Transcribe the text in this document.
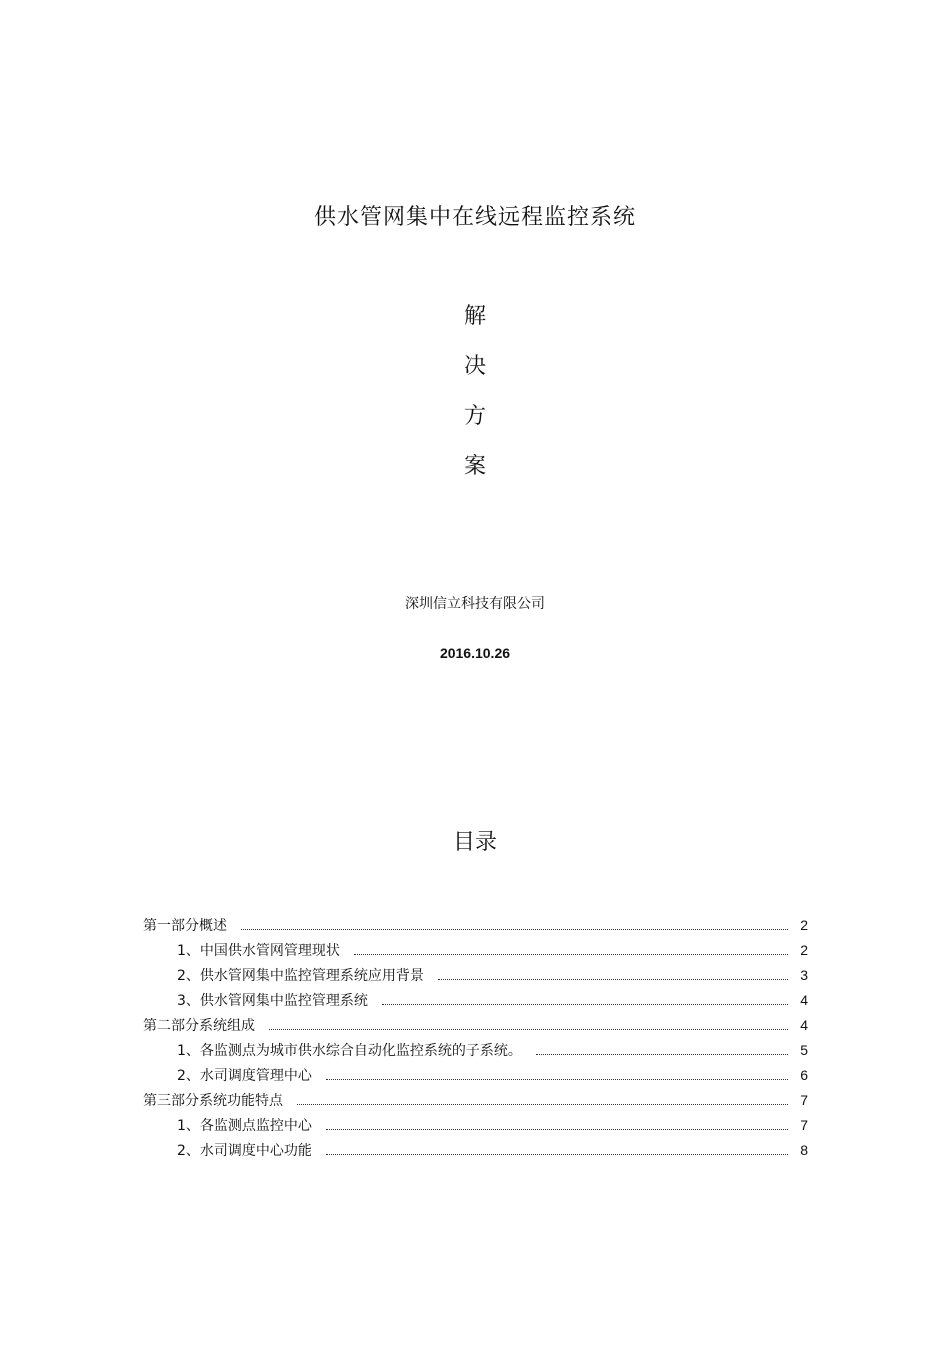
供水管网集中在线远程监控系统
解
决
方
案
深圳信立科技有限公司
2016.10.26
目录
第一部分概述	2
1、中国供水管网管理现状	2
2、供水管网集中监控管理系统应用背景	3
3、供水管网集中监控管理系统	4
第二部分系统组成	4
1、各监测点为城市供水综合自动化监控系统的子系统。	5
2、水司调度管理中心	6
第三部分系统功能特点	7
1、各监测点监控中心	7
2、水司调度中心功能	8
